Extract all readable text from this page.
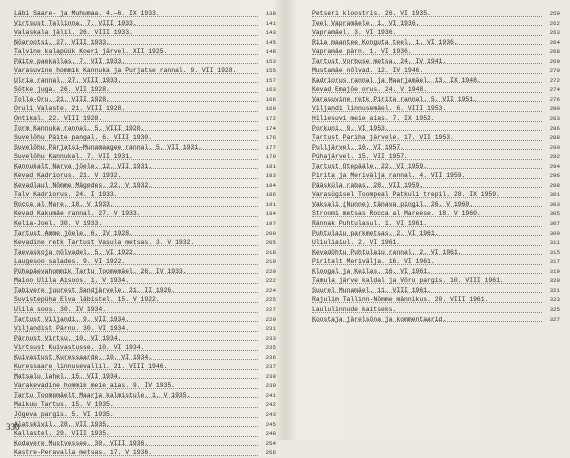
Läbi Saare- ja Muhumaa. 4.—6. IX 1933.	138
Virtsust Tallinna. 7. VIII 1933.	141
Valaskala jälil. 26. VIII 1933.	143
Nõarootsi. 27. VIII 1933.	145
Talvine kalapüük Koeri järvel. XII 1925.	148
Päite paekallas. 7. VII 1933.	153
Varasuvine hommik Kannuka ja Purjatse rannal. 9. VII 1928.	155
Ulria rannal. 27. VIII 1933.	157
Sõtke juga. 26. VII 1928.	163
Tolla-Oru. 21. VIII 1928.	166
Oruli Valaste. 21. VIII 1928.	169
Ontikal. 22. VIII 1928.	172
Torm Kannuka rannal. 5. VIII 1920.	174
Suvelõhu Päite pangal. 6. VIII 1930.	176
Suvelõhu Pärjatsi—Munamaagee rannal. 5. VII 1931.	177
Suvelõhu Kannukal. 7. VII 1931.	179
Kannukalt Narva jõele. 12. VII 1931.	181
Kevad Kadriorus. 21. V 1932.	183
Kevadlaul Nõmme Mägedes. 22. V 1932.	184
Talv Kadriorus. 24. I 1933.	186
Rocca al Mare. 18. V 1933.	191
Kevad Kakumäe rannal. 27. V 1933.	194
Kelia-Joel. 30. V 1933.	197
Tartust Amme jõele. 6. IV 1928.	200
Kevadine retk Tartust Vasula metsas. 3. V 1932.	205
Taevaskoja nõlvadel. 5. VI 1922.	218
Laugesoo salades. 9. VI 1922.	219
Pühapäevahommik Tartu Toomemäel. 26. IV 1933.	220
Maioo Ulila Aisoos. 1. V 1934.	222
Tabivere juurest Sandjärvele. 21. II 1926.	224
Suvistepüha Elva läbistel. 15. V 1922.	225
Ulila soos. 30. IV 1934.	227
Tartust Viljandi. 9. VII 1934.	229
Viljandist Pärnu. 30. VI 1934.	231
Pärnust Virtsu. 10. VI 1934.	233
Virtsust Kuivastusse. 10. VI 1934.	235
Kuivastust Kuressaarde. 10. VI 1934.	236
Kuressaare linnusevallil. 21. VIII 1946.	237
Matsalu lahel. 15. VII 1934.	239
Varakevadine hommik meie aias. 9. IV 1935.	239
Tartu Toomemäelt Maarja kalmistule. 1. V 1935.	241
Maikuu Tartus. 15. V 1935.	242
Jõgeva pargis. 5. VI 1935.	243
Alatskivil. 28. VII 1935.	245
Kallastel. 29. VIII 1935.	248
Kodavere Mustvessee. 30. VIII 1936.	254
Kastre-Peravalla metsas. 17. V 1936.	256
330
Petseri kloostris. 26. VI 1935.	259
Teel Vapramäele. 1. VI 1936.	262
Vapramäel. 3. VI 1936.	263
Riia maantee Konguta teel. 1. VI 1936.	264
Vapramäe pärn. 1. VI 1936.	268
Tartust Vorbuse metsa. 24. IV 1941.	269
Mustamäe nõlvad. 12. IV 1946.	270
Kadriorus rannal ja Maarjamäel. 13. IX 1948.	272
Kevad Emajõe orus. 24. V 1948.	274
Varasuvine retk Pirita rannal. 5. VII 1951.	276
Viljandi linnusemäel. 6. VIII 1953.	280
Hiliesuvi meie aias. 7. IX 1952.	283
Porkuni. 9. VI 1953.	286
Tartust Pariha järvele. 17. VII 1953.	288
Pulljärvel. 16. VI 1957.	290
Pühajärvel. 15. VII 1957.	292
Tartust Otepääle. 22. VI 1959.	294
Pirita ja Meriväljа rannal. 4. VII 1959.	296
Pääsküla rabas. 28. VII 1959.	298
Varasügisel Toompeal Patkuli trepil. 28. IX 1959.	301
Vaksali (Nunne) tänava pingil. 26. V 1960.	303
Stroomi metsas Rocca al Mareese. 18. V 1960.	305
Rännak Puhtulasul. 1. VI 1961.	307
Puhtulaiu parkmetsas. 2. VI 1961.	309
Uliuliaiul. 2. VI 1961.	311
Kevadõhtu Puhtulaiu rannal. 2. VI 1961.	315
Piritalt Merivälja. 16. VI 1961.	317
Kloogal ja Keilas. 16. VI 1961.	319
Tamula järve kaldal ja Võru pargis. 10. VIII 1961.	320
Suurel Munamäel. 11. VIII 1961.	321
Rajulim Tallinn-Nõmme männikus. 20. VIII 1961.	323
Laululinnude kaitseks.	325
Koostaja järelsõna ja kommentaarid.	327
